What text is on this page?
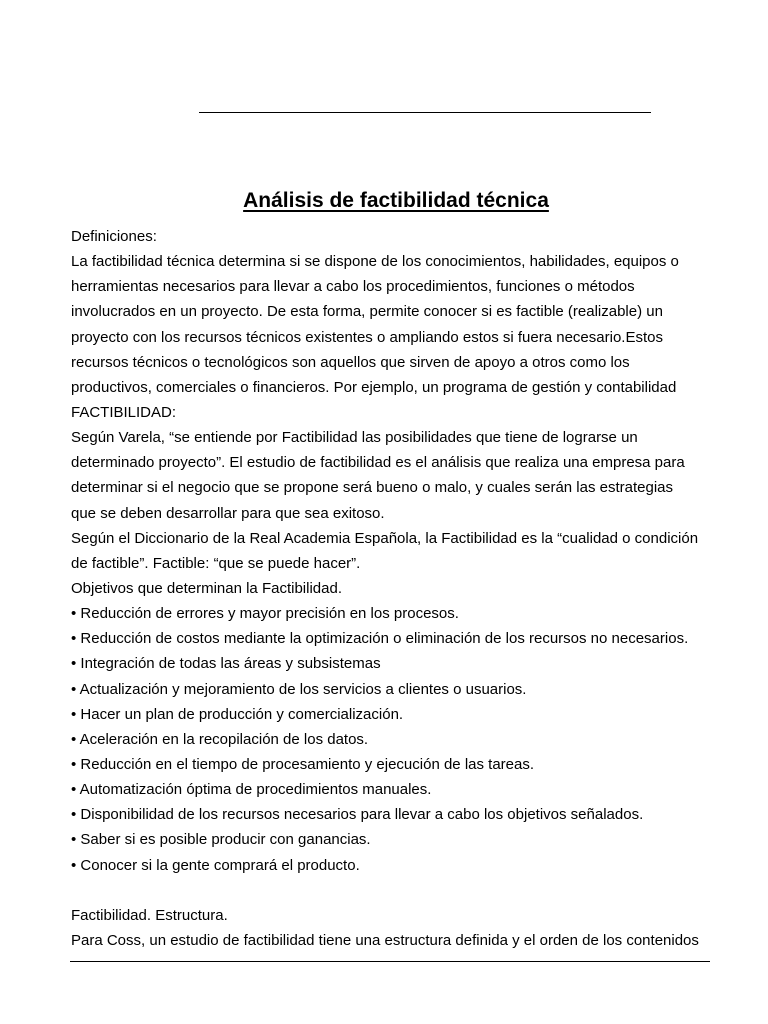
Análisis de factibilidad técnica
Definiciones:
La factibilidad técnica determina si se dispone de los conocimientos, habilidades, equipos o
herramientas necesarios para llevar a cabo los procedimientos, funciones o métodos
involucrados en un proyecto. De esta forma, permite conocer si es factible (realizable) un
proyecto con los recursos técnicos existentes o ampliando estos si fuera necesario.Estos
recursos técnicos o tecnológicos son aquellos que sirven de apoyo a otros como los
productivos, comerciales o financieros. Por ejemplo, un programa de gestión y contabilidad
FACTIBILIDAD:
Según Varela, “se entiende por Factibilidad las posibilidades que tiene de lograrse un
determinado proyecto”. El estudio de factibilidad es el análisis que realiza una empresa para
determinar si el negocio que se propone será bueno o malo, y cuales serán las estrategias
que se deben desarrollar para que sea exitoso.
Según el Diccionario de la Real Academia Española, la Factibilidad es la “cualidad o condición
de factible”. Factible: “que se puede hacer”.
Objetivos que determinan la Factibilidad.
• Reducción de errores y mayor precisión en los procesos.
• Reducción de costos mediante la optimización o eliminación de los recursos no necesarios.
• Integración de todas las áreas y subsistemas
• Actualización y mejoramiento de los servicios a clientes o usuarios.
• Hacer un plan de producción y comercialización.
• Aceleración en la recopilación de los datos.
• Reducción en el tiempo de procesamiento y ejecución de las tareas.
• Automatización óptima de procedimientos manuales.
• Disponibilidad de los recursos necesarios para llevar a cabo los objetivos señalados.
• Saber si es posible producir con ganancias.
• Conocer si la gente comprará el producto.
Factibilidad. Estructura.
Para Coss, un estudio de factibilidad tiene una estructura definida y el orden de los contenidos
